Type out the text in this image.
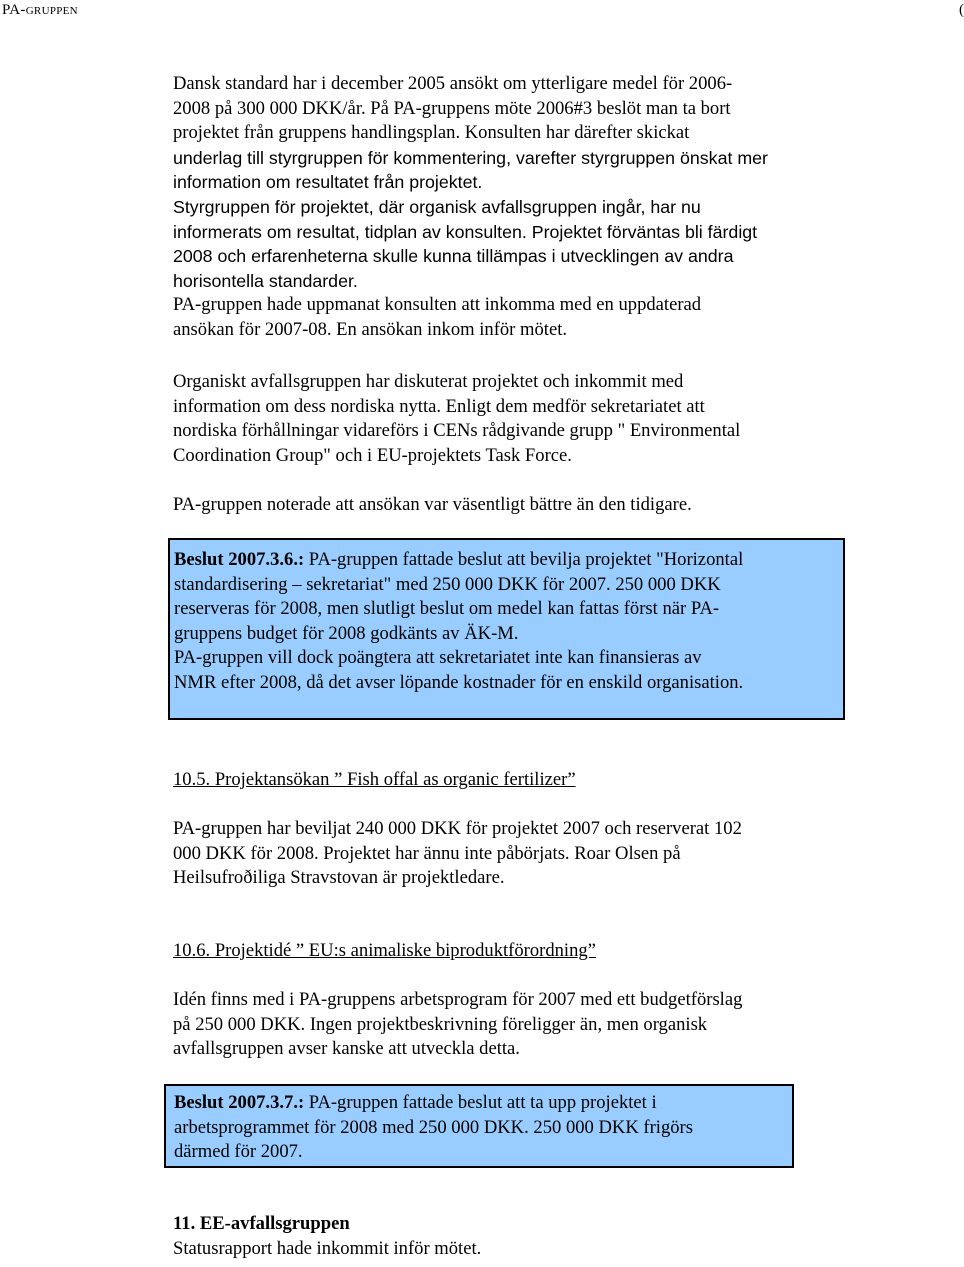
PA-gruppen	(

Dansk standard har i december 2005 ansökt om ytterligare medel för 2006-

2008 på 300 000 DKK/år. På PA-gruppens möte 2006#3 beslöt man ta bort

projektet från gruppens handlingsplan. Konsulten har därefter skickat

underlag till styrgruppen för kommentering, varefter styrgruppen önskat mer

information om resultatet från projektet.

Styrgruppen för projektet, där organisk avfallsgruppen ingår, har nu

informerats om resultat, tidplan av konsulten. Projektet förväntas bli färdigt

2008 och erfarenheterna skulle kunna tillämpas i utvecklingen av andra

horisontella standarder.

PA-gruppen hade uppmanat konsulten att inkomma med en uppdaterad

ansökan för 2007-08. En ansökan inkom inför mötet.

Organiskt avfallsgruppen har diskuterat projektet och inkommit med

information om dess nordiska nytta. Enligt dem medför sekretariatet att

nordiska förhållningar vidareförs i CENs rådgivande grupp " Environmental

Coordination Group" och i EU-projektets Task Force.

PA-gruppen noterade att ansökan var väsentligt bättre än den tidigare.

Beslut 2007.3.6.: PA-gruppen fattade beslut att bevilja projektet "Horizontal

standardisering – sekretariat" med 250 000 DKK för 2007. 250 000 DKK

reserveras för 2008, men slutligt beslut om medel kan fattas först när PA-

gruppens budget för 2008 godkänts av ÄK-M.

PA-gruppen vill dock poängtera att sekretariatet inte kan finansieras av

NMR efter 2008, då det avser löpande kostnader för en enskild organisation.

10.5. Projektansökan ” Fish offal as organic fertilizer”

PA-gruppen har beviljat 240 000 DKK för projektet 2007 och reserverat 102

000 DKK för 2008. Projektet har ännu inte påbörjats. Roar Olsen på

Heilsufroðiliga Stravstovan är projektledare.

10.6. Projektidé ” EU:s animaliske biproduktförordning”

Idén finns med i PA-gruppens arbetsprogram för 2007 med ett budgetförslag

på 250 000 DKK. Ingen projektbeskrivning föreligger än, men organisk

avfallsgruppen avser kanske att utveckla detta.

Beslut 2007.3.7.: PA-gruppen fattade beslut att ta upp projektet i

arbetsprogrammet för 2008 med 250 000 DKK. 250 000 DKK frigörs

därmed för 2007.

11. EE-avfallsgruppen

Statusrapport hade inkommit inför mötet.
